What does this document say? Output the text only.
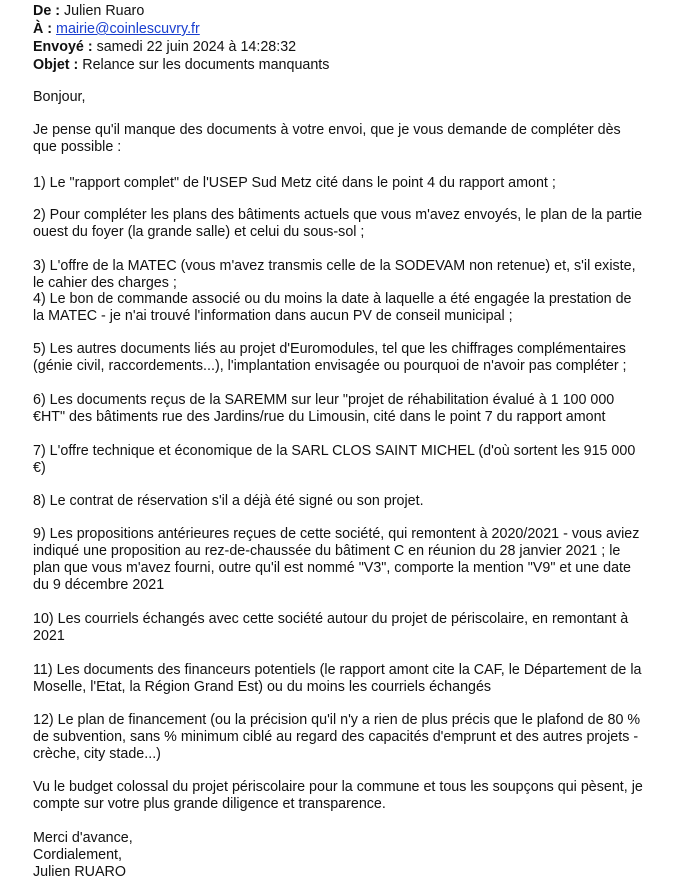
De : Julien Ruaro
À : mairie@coinlescuvry.fr
Envoyé : samedi 22 juin 2024 à 14:28:32
Objet : Relance sur les documents manquants

Bonjour,

Je pense qu'il manque des documents à votre envoi, que je vous demande de compléter dès que possible :

1) Le "rapport complet" de l'USEP Sud Metz cité dans le point 4 du rapport amont ;

2) Pour compléter les plans des bâtiments actuels que vous m'avez envoyés, le plan de la partie ouest du foyer (la grande salle) et celui du sous-sol ;

3) L'offre de la MATEC (vous m'avez transmis celle de la SODEVAM non retenue) et, s'il existe, le cahier des charges ;

4) Le bon de commande associé ou du moins la date à laquelle a été engagée la prestation de la MATEC - je n'ai trouvé l'information dans aucun PV de conseil municipal ;

5) Les autres documents liés au projet d'Euromodules, tel que les chiffrages complémentaires (génie civil, raccordements...), l'implantation envisagée ou pourquoi de n'avoir pas compléter ;

6) Les documents reçus de la SAREMM sur leur "projet de réhabilitation évalué à 1 100 000 €HT" des bâtiments rue des Jardins/rue du Limousin, cité dans le point 7 du rapport amont

7) L'offre technique et économique de la SARL CLOS SAINT MICHEL (d'où sortent les 915 000 €)

8) Le contrat de réservation s'il a déjà été signé ou son projet.

9) Les propositions antérieures reçues de cette société, qui remontent à 2020/2021 - vous aviez indiqué une proposition au rez-de-chaussée du bâtiment C en réunion du 28 janvier 2021 ; le plan que vous m'avez fourni, outre qu'il est nommé "V3", comporte la mention "V9" et une date du 9 décembre 2021

10) Les courriels échangés avec cette société autour du projet de périscolaire, en remontant à 2021

11) Les documents des financeurs potentiels (le rapport amont cite la CAF, le Département de la Moselle, l'Etat, la Région Grand Est) ou du moins les courriels échangés

12) Le plan de financement (ou la précision qu'il n'y a rien de plus précis que le plafond de 80 % de subvention, sans % minimum ciblé au regard des capacités d'emprunt et des autres projets - crèche, city stade...)

Vu le budget colossal du projet périscolaire pour la commune et tous les soupçons qui pèsent, je compte sur votre plus grande diligence et transparence.

Merci d'avance,
Cordialement,
Julien RUARO
